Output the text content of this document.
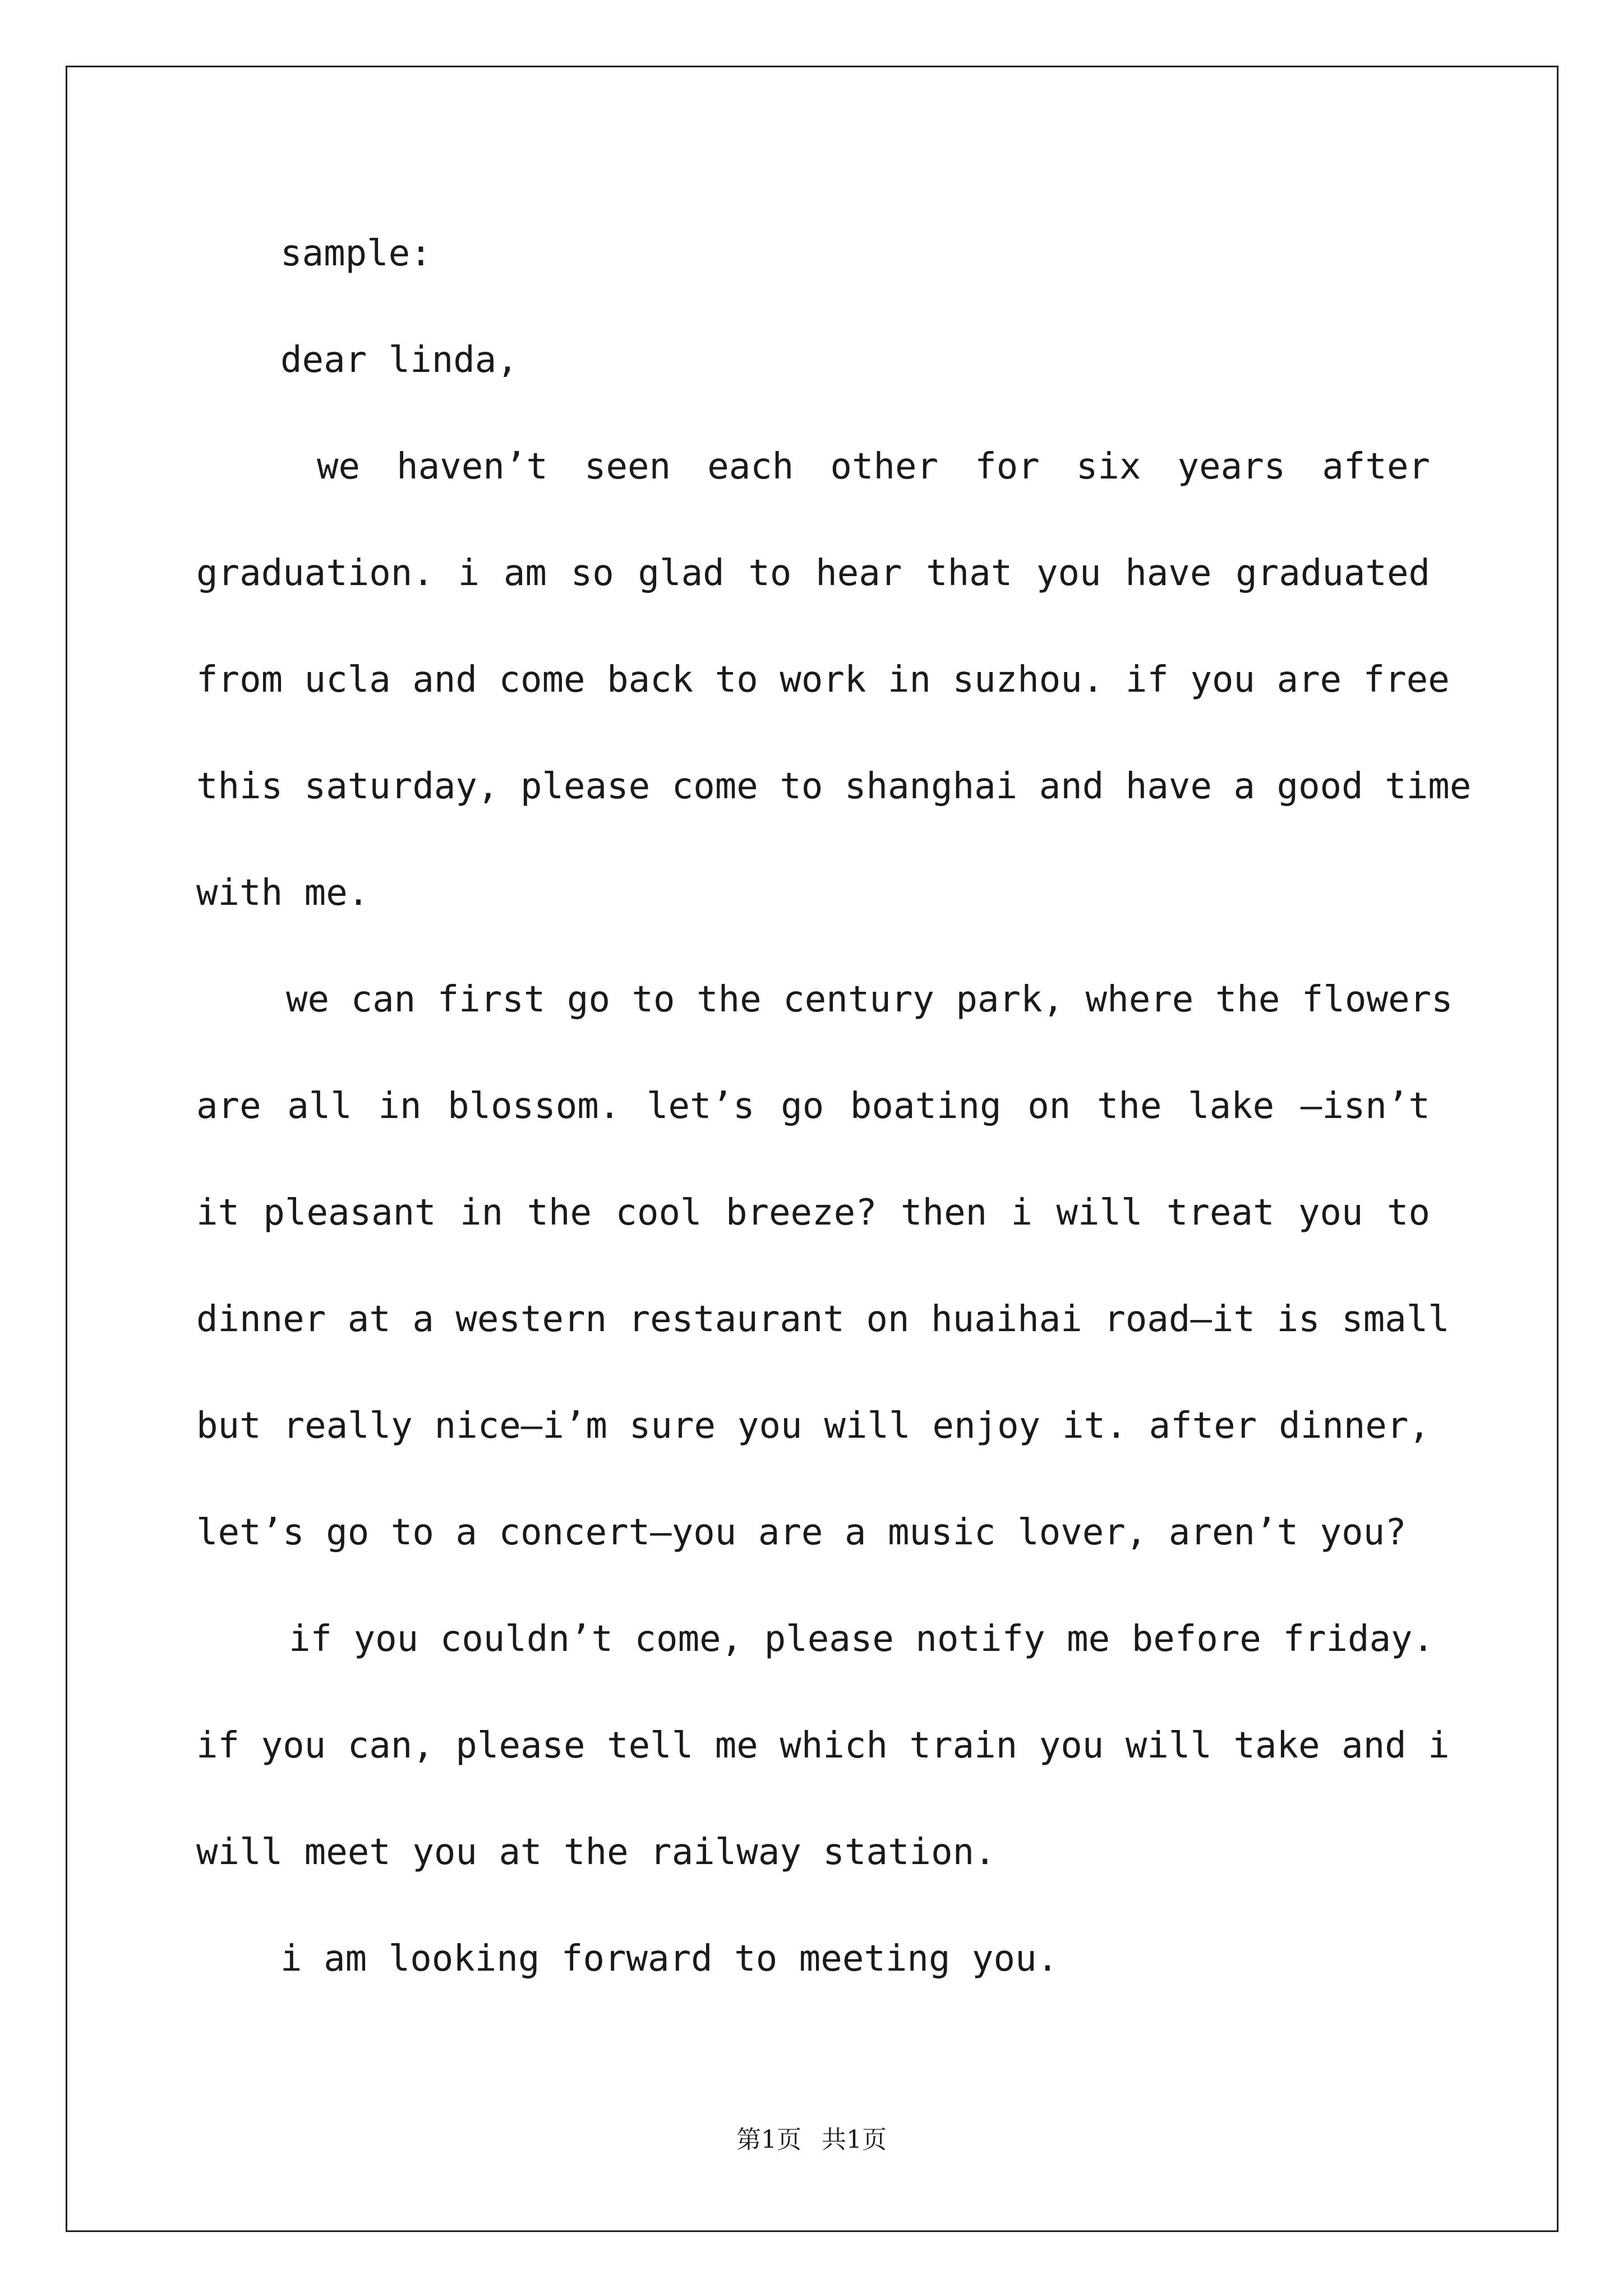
sample:
dear linda,
we haven’t seen each other for six years after
graduation. i am so glad to hear that you have graduated
from ucla and come back to work in suzhou. if you are free
this saturday, please come to shanghai and have a good time
with me.
we can first go to the century park, where the flowers
are all in blossom. let’s go boating on the lake —isn’t
it pleasant in the cool breeze? then i will treat you to
dinner at a western restaurant on huaihai road—it is small
but really nice—i’m sure you will enjoy it. after dinner,
let’s go to a concert—you are a music lover, aren’t you?
if you couldn’t come, please notify me before friday.
if you can, please tell me which train you will take and i
will meet you at the railway station.
i am looking forward to meeting you.
第1页 共1页
